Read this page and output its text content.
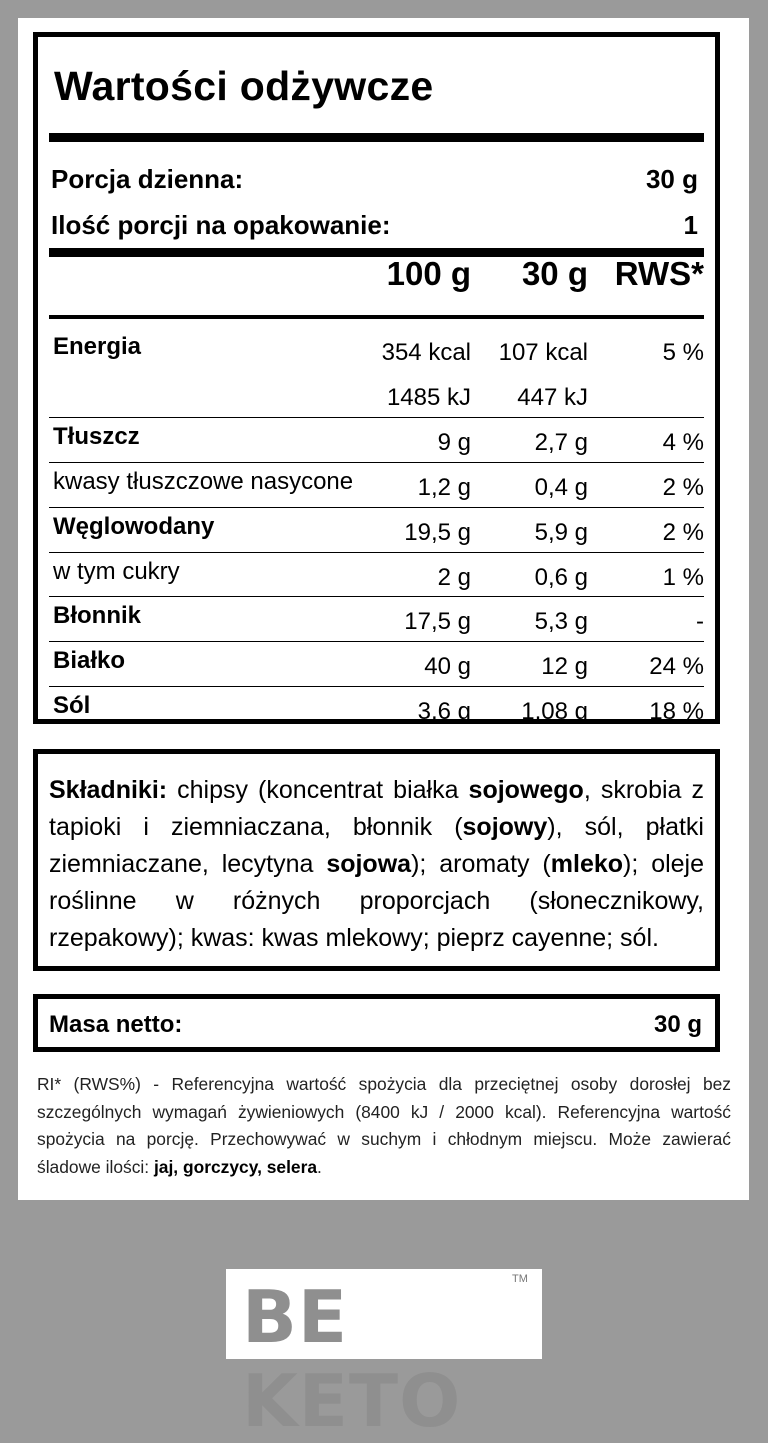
Wartości odżywcze
Porcja dzienna:	30 g
Ilość porcji na opakowanie:	1
100 g 30 g RWS*
Energia	354 kcal 107 kcal	5 %
1485 kJ 447 kJ
Tłuszcz	9 g	2,7 g	4 %
kwasy tłuszczowe nasycone	1,2 g	0,4 g	2 %
Węglowodany	19,5 g	5,9 g	2 %
w tym cukry	2 g	0,6 g	1 %
Błonnik	17,5 g	5,3 g	-
Białko	40 g	12 g	24 %
Sól	3,6 g 1,08 g	18 %
Składniki: chipsy (koncentrat białka sojowego, skrobia z tapioki i ziemniaczana, błonnik (sojowy), sól, płatki ziemniaczane, lecytyna sojowa); aromaty (mleko); oleje roślinne w różnych proporcjach (słonecznikowy, rzepakowy); kwas: kwas mlekowy; pieprz cayenne; sól.
Masa netto:	30 g
RI* (RWS%) - Referencyjna wartość spożycia dla przeciętnej osoby dorosłej bez szczególnych wymagań żywieniowych (8400 kJ / 2000 kcal). Referencyjna wartość spożycia na porcję. Przechowywać w suchym i chłodnym miejscu. Może zawierać śladowe ilości: jaj, gorczycy, selera.
BE KETO
TM
